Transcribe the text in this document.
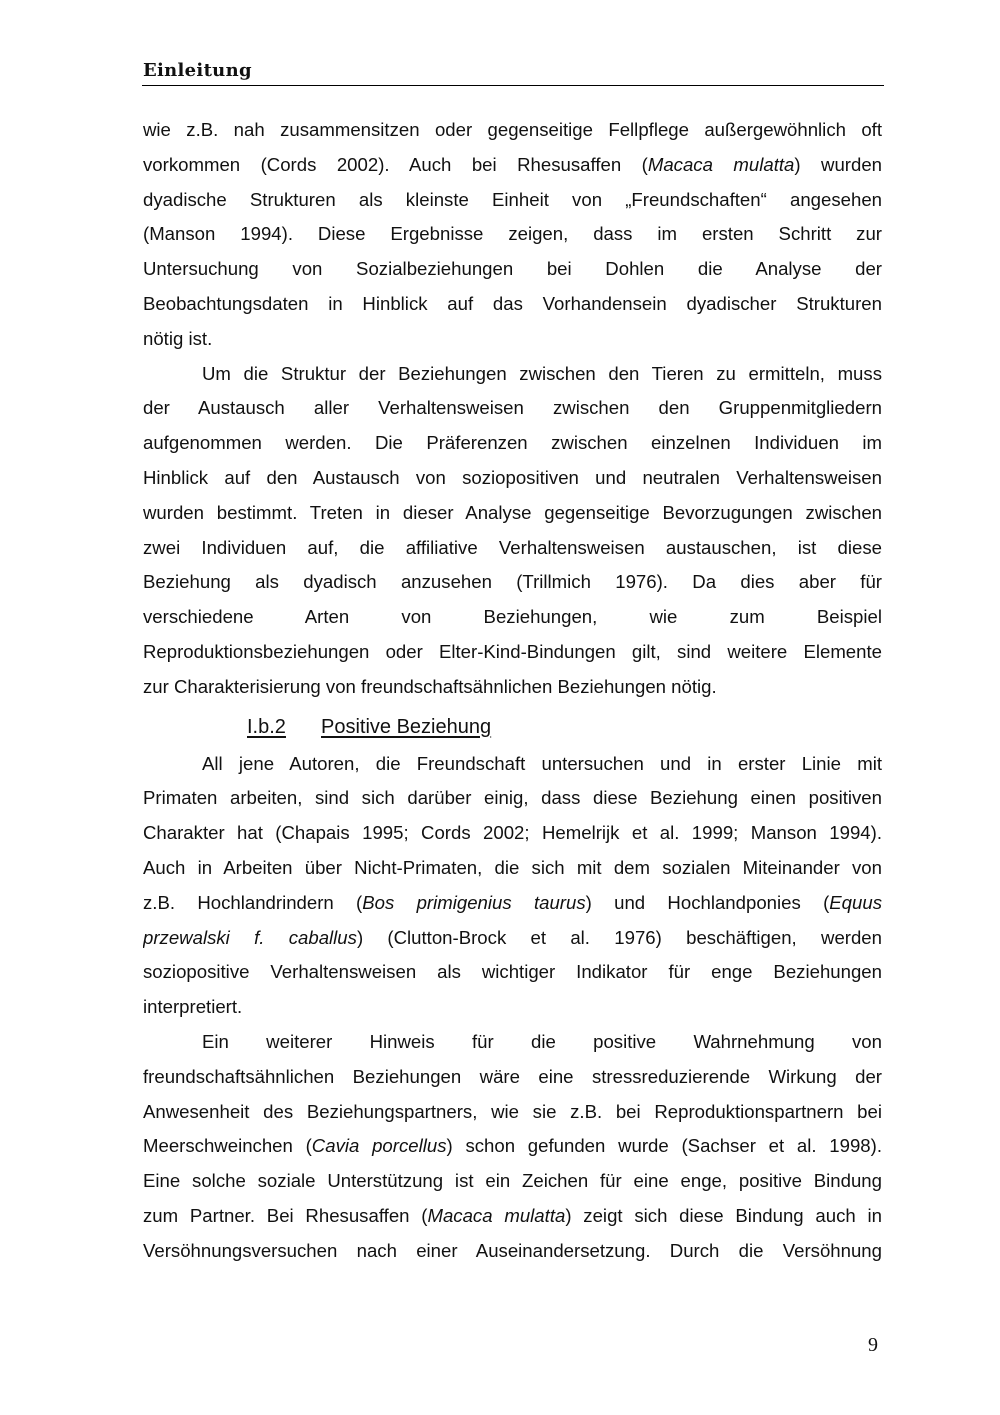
Einleitung
wie z.B. nah zusammensitzen oder gegenseitige Fellpflege außergewöhnlich oft
vorkommen (Cords 2002). Auch bei Rhesusaffen (Macaca mulatta) wurden
dyadische Strukturen als kleinste Einheit von „Freundschaften“ angesehen
(Manson 1994). Diese Ergebnisse zeigen, dass im ersten Schritt zur
Untersuchung von Sozialbeziehungen bei Dohlen die Analyse der
Beobachtungsdaten in Hinblick auf das Vorhandensein dyadischer Strukturen
nötig ist.
Um die Struktur der Beziehungen zwischen den Tieren zu ermitteln, muss
der Austausch aller Verhaltensweisen zwischen den Gruppenmitgliedern
aufgenommen werden. Die Präferenzen zwischen einzelnen Individuen im
Hinblick auf den Austausch von soziopositiven und neutralen Verhaltensweisen
wurden bestimmt. Treten in dieser Analyse gegenseitige Bevorzugungen zwischen
zwei Individuen auf, die affiliative Verhaltensweisen austauschen, ist diese
Beziehung als dyadisch anzusehen (Trillmich 1976). Da dies aber für
verschiedene Arten von Beziehungen, wie zum Beispiel
Reproduktionsbeziehungen oder Elter-Kind-Bindungen gilt, sind weitere Elemente
zur Charakterisierung von freundschaftsähnlichen Beziehungen nötig.
I.b.2 Positive Beziehung
All jene Autoren, die Freundschaft untersuchen und in erster Linie mit
Primaten arbeiten, sind sich darüber einig, dass diese Beziehung einen positiven
Charakter hat (Chapais 1995; Cords 2002; Hemelrijk et al. 1999; Manson 1994).
Auch in Arbeiten über Nicht-Primaten, die sich mit dem sozialen Miteinander von
z.B. Hochlandrindern (Bos primigenius taurus) und Hochlandponies (Equus
przewalski f. caballus) (Clutton-Brock et al. 1976) beschäftigen, werden
soziopositive Verhaltensweisen als wichtiger Indikator für enge Beziehungen
interpretiert.
Ein weiterer Hinweis für die positive Wahrnehmung von
freundschaftsähnlichen Beziehungen wäre eine stressreduzierende Wirkung der
Anwesenheit des Beziehungspartners, wie sie z.B. bei Reproduktionspartnern bei
Meerschweinchen (Cavia porcellus) schon gefunden wurde (Sachser et al. 1998).
Eine solche soziale Unterstützung ist ein Zeichen für eine enge, positive Bindung
zum Partner. Bei Rhesusaffen (Macaca mulatta) zeigt sich diese Bindung auch in
Versöhnungsversuchen nach einer Auseinandersetzung. Durch die Versöhnung
9
